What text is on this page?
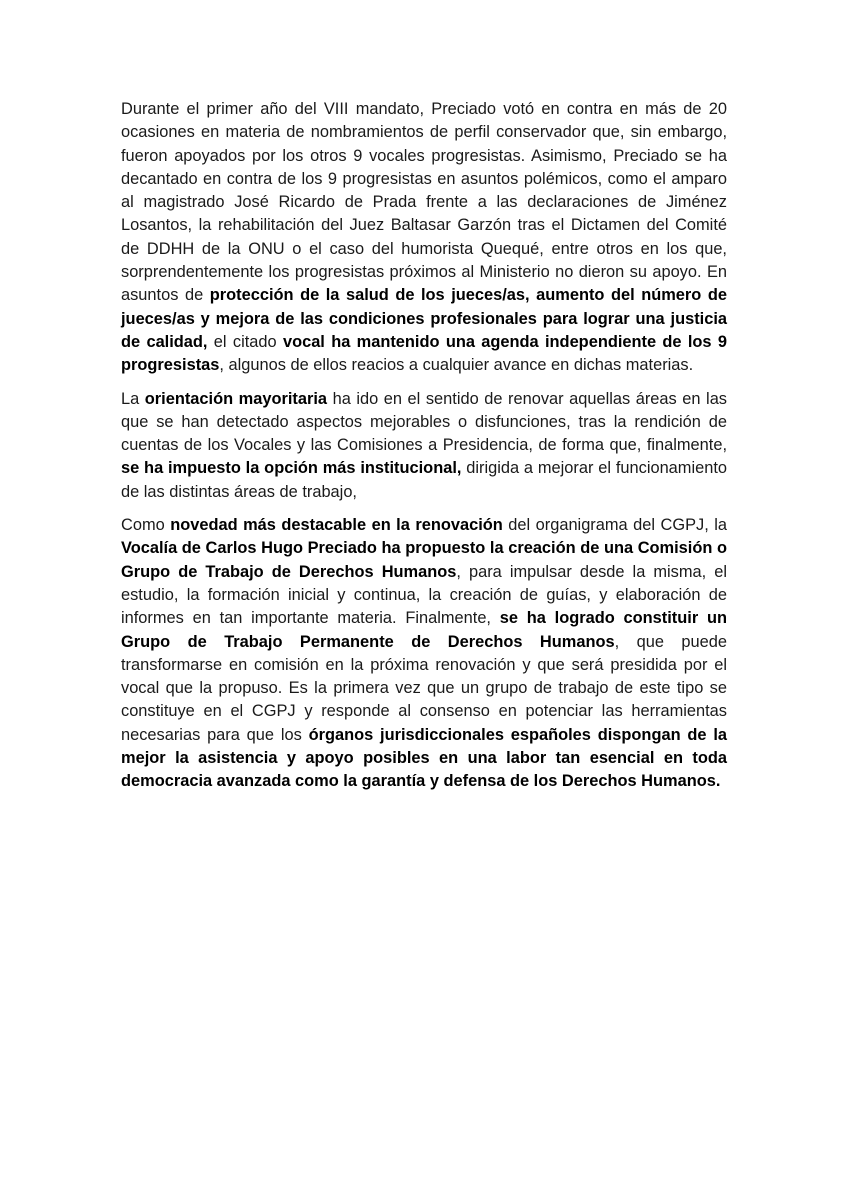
Durante el primer año del VIII mandato, Preciado votó en contra en más de 20 ocasiones en materia de nombramientos de perfil conservador que, sin embargo, fueron apoyados por los otros 9 vocales progresistas. Asimismo, Preciado se ha decantado en contra de los 9 progresistas en asuntos polémicos, como el amparo al magistrado José Ricardo de Prada frente a las declaraciones de Jiménez Losantos, la rehabilitación del Juez Baltasar Garzón tras el Dictamen del Comité de DDHH de la ONU o el caso del humorista Quequé, entre otros en los que, sorprendentemente los progresistas próximos al Ministerio no dieron su apoyo. En asuntos de protección de la salud de los jueces/as, aumento del número de jueces/as y mejora de las condiciones profesionales para lograr una justicia de calidad, el citado vocal ha mantenido una agenda independiente de los 9 progresistas, algunos de ellos reacios a cualquier avance en dichas materias.

La orientación mayoritaria ha ido en el sentido de renovar aquellas áreas en las que se han detectado aspectos mejorables o disfunciones, tras la rendición de cuentas de los Vocales y las Comisiones a Presidencia, de forma que, finalmente, se ha impuesto la opción más institucional, dirigida a mejorar el funcionamiento de las distintas áreas de trabajo,

Como novedad más destacable en la renovación del organigrama del CGPJ, la Vocalía de Carlos Hugo Preciado ha propuesto la creación de una Comisión o Grupo de Trabajo de Derechos Humanos, para impulsar desde la misma, el estudio, la formación inicial y continua, la creación de guías, y elaboración de informes en tan importante materia. Finalmente, se ha logrado constituir un Grupo de Trabajo Permanente de Derechos Humanos, que puede transformarse en comisión en la próxima renovación y que será presidida por el vocal que la propuso. Es la primera vez que un grupo de trabajo de este tipo se constituye en el CGPJ y responde al consenso en potenciar las herramientas necesarias para que los órganos jurisdiccionales españoles dispongan de la mejor la asistencia y apoyo posibles en una labor tan esencial en toda democracia avanzada como la garantía y defensa de los Derechos Humanos.
